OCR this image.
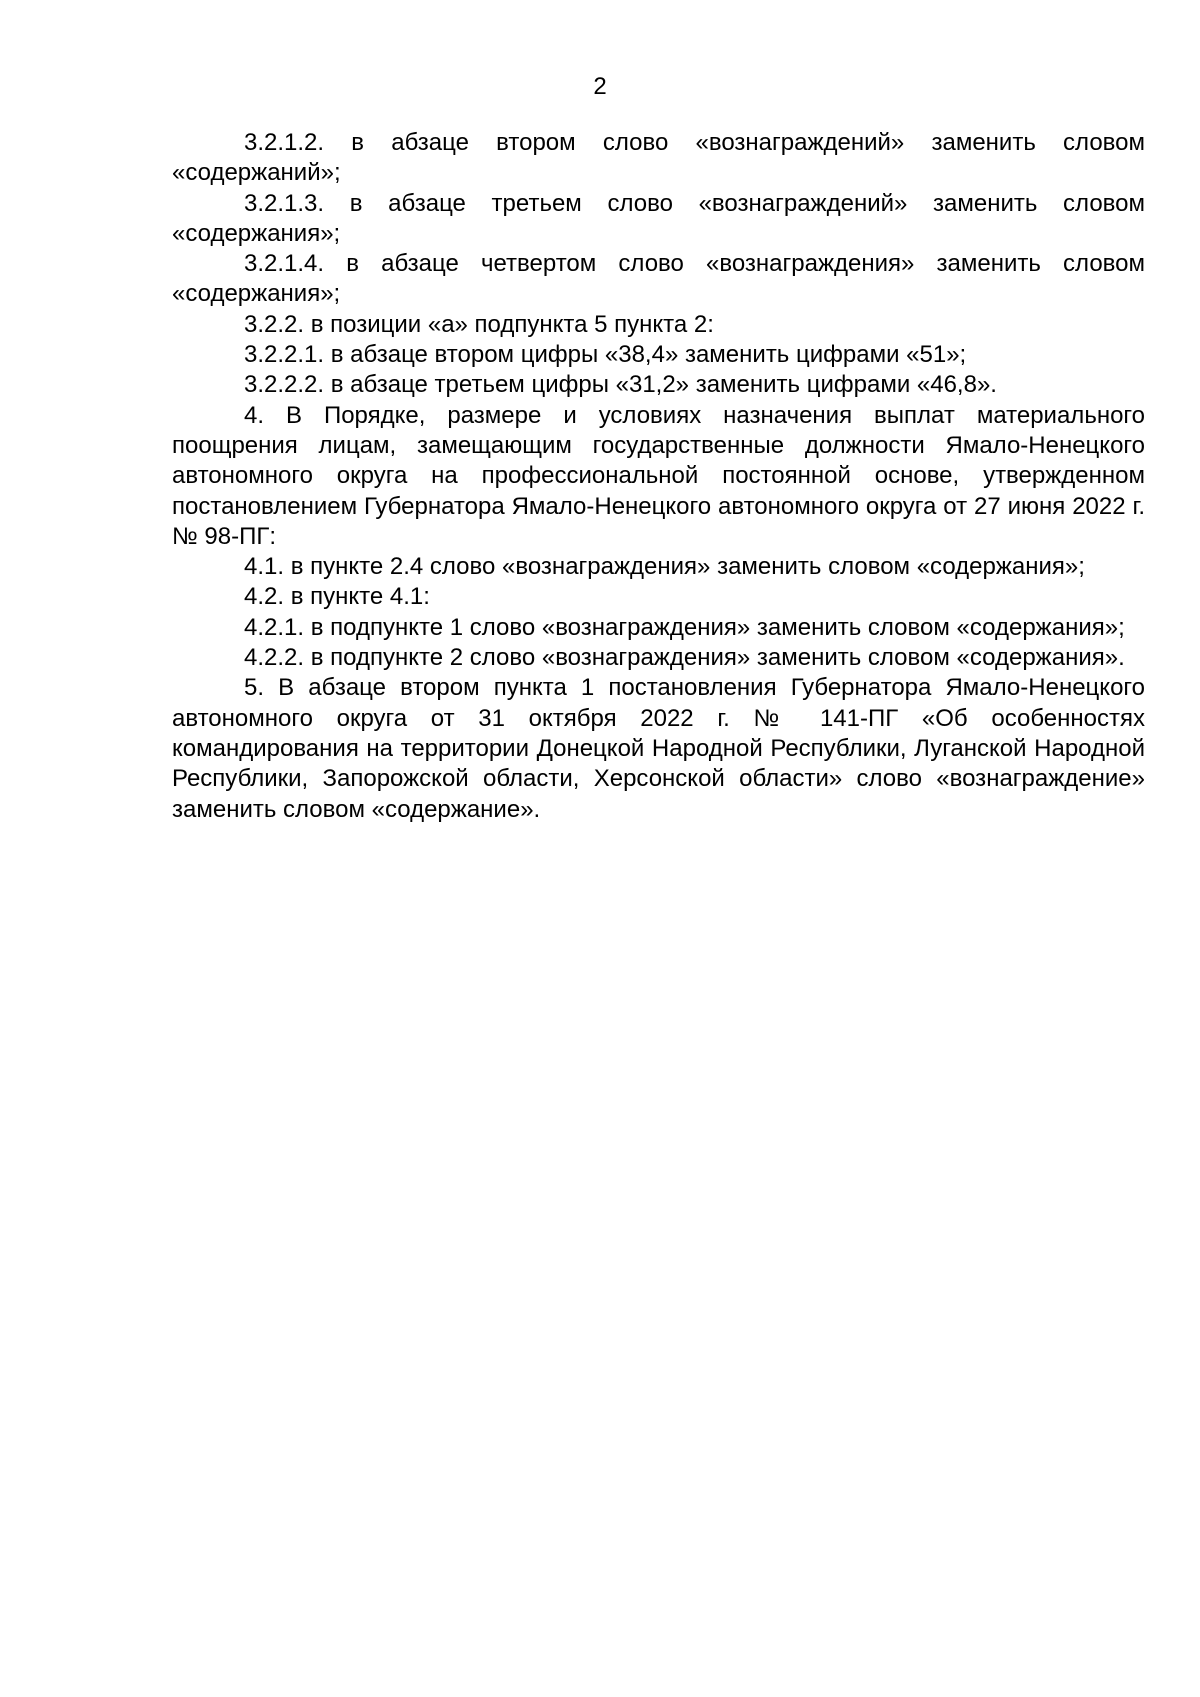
2

3.2.1.2. в абзаце втором слово «вознаграждений» заменить словом «содержаний»;

3.2.1.3. в абзаце третьем слово «вознаграждений» заменить словом «содержания»;

3.2.1.4. в абзаце четвертом слово «вознаграждения» заменить словом «содержания»;

3.2.2. в позиции «а» подпункта 5 пункта 2:

3.2.2.1. в абзаце втором цифры «38,4» заменить цифрами «51»;

3.2.2.2. в абзаце третьем цифры «31,2» заменить цифрами «46,8».

4. В Порядке, размере и условиях назначения выплат материального поощрения лицам, замещающим государственные должности Ямало-Ненецкого автономного округа на профессиональной постоянной основе, утвержденном постановлением Губернатора Ямало-Ненецкого автономного округа от 27 июня 2022 г. № 98-ПГ:

4.1. в пункте 2.4 слово «вознаграждения» заменить словом «содержания»;

4.2. в пункте 4.1:

4.2.1. в подпункте 1 слово «вознаграждения» заменить словом «содержания»;

4.2.2. в подпункте 2 слово «вознаграждения» заменить словом «содержания».

5. В абзаце втором пункта 1 постановления Губернатора Ямало-Ненецкого автономного округа от 31 октября 2022 г. № 141-ПГ «Об особенностях командирования на территории Донецкой Народной Республики, Луганской Народной Республики, Запорожской области, Херсонской области» слово «вознаграждение» заменить словом «содержание».
